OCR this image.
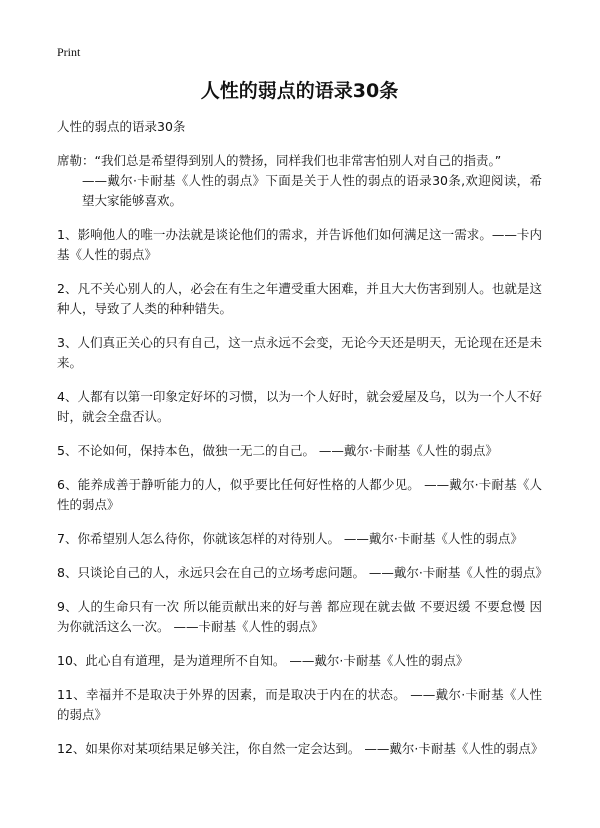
Print
人性的弱点的语录30条
人性的弱点的语录30条
席勒：“我们总是希望得到别人的赞扬，同样我们也非常害怕别人对自己的指责。”
——戴尔·卡耐基《人性的弱点》下面是关于人性的弱点的语录30条,欢迎阅读，希望大家能够喜欢。
1、影响他人的唯一办法就是谈论他们的需求，并告诉他们如何满足这一需求。——卡内基《人性的弱点》
2、凡不关心别人的人，必会在有生之年遭受重大困难，并且大大伤害到别人。也就是这种人，导致了人类的种种错失。
3、人们真正关心的只有自己，这一点永远不会变，无论今天还是明天，无论现在还是未来。
4、人都有以第一印象定好坏的习惯，以为一个人好时，就会爱屋及乌，以为一个人不好时，就会全盘否认。
5、不论如何，保持本色，做独一无二的自己。 ——戴尔·卡耐基《人性的弱点》
6、能养成善于静听能力的人，似乎要比任何好性格的人都少见。 ——戴尔·卡耐基《人性的弱点》
7、你希望别人怎么待你，你就该怎样的对待别人。 ——戴尔·卡耐基《人性的弱点》
8、只谈论自己的人，永远只会在自己的立场考虑问题。 ——戴尔·卡耐基《人性的弱点》
9、人的生命只有一次 所以能贡献出来的好与善 都应现在就去做 不要迟缓 不要怠慢 因为你就活这么一次。 ——卡耐基《人性的弱点》
10、此心自有道理，是为道理所不自知。 ——戴尔·卡耐基《人性的弱点》
11、幸福并不是取决于外界的因素，而是取决于内在的状态。 ——戴尔·卡耐基《人性的弱点》
12、如果你对某项结果足够关注，你自然一定会达到。 ——戴尔·卡耐基《人性的弱点》
